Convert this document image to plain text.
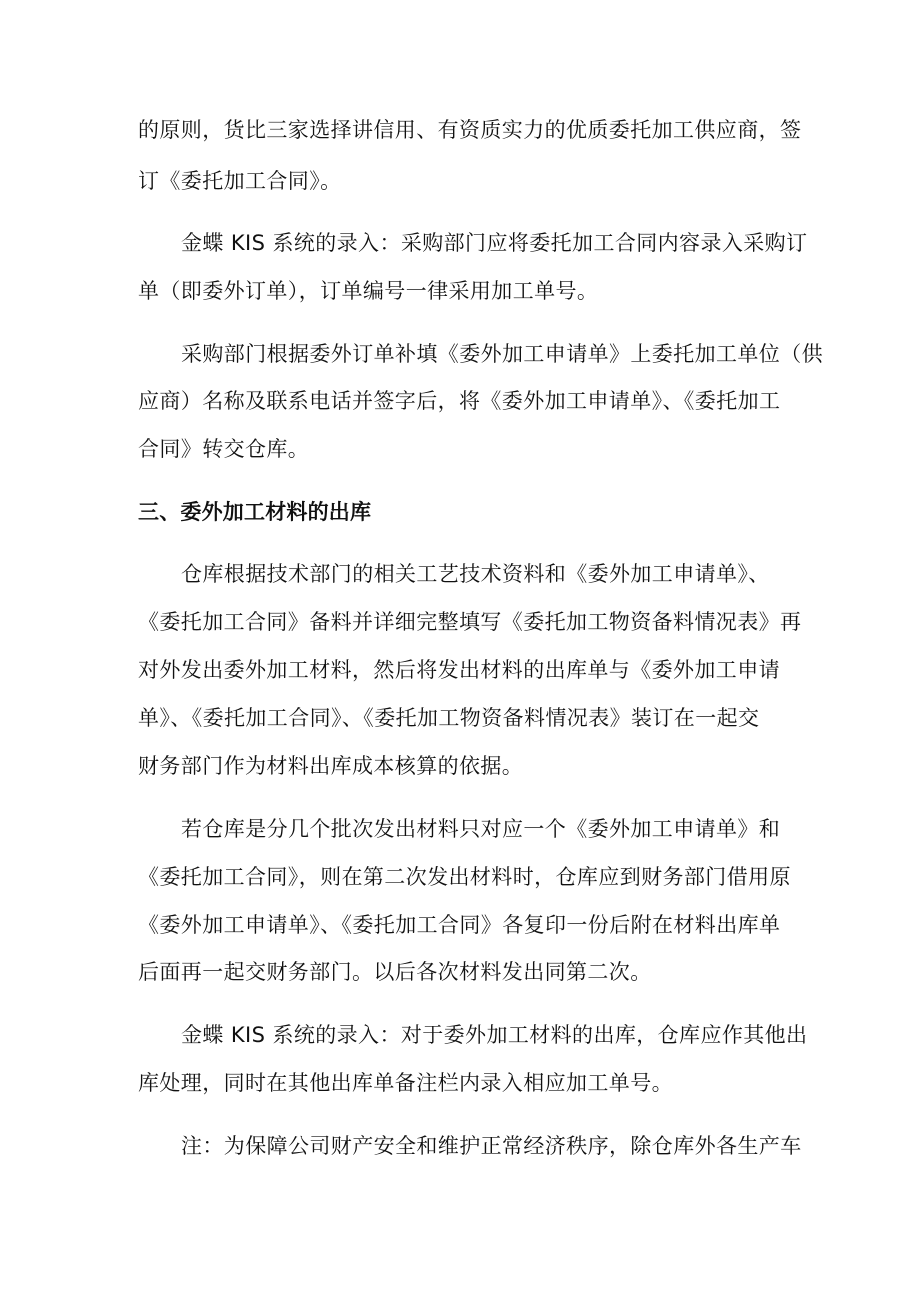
的原则，货比三家选择讲信用、有资质实力的优质委托加工供应商，签
订《委托加工合同》。
金蝶 KIS 系统的录入：采购部门应将委托加工合同内容录入采购订
单（即委外订单），订单编号一律采用加工单号。
采购部门根据委外订单补填《委外加工申请单》上委托加工单位（供
应商）名称及联系电话并签字后，将《委外加工申请单》、《委托加工
合同》转交仓库。
三、委外加工材料的出库
仓库根据技术部门的相关工艺技术资料和《委外加工申请单》、
《委托加工合同》备料并详细完整填写《委托加工物资备料情况表》再
对外发出委外加工材料，然后将发出材料的出库单与《委外加工申请
单》、《委托加工合同》、《委托加工物资备料情况表》装订在一起交
财务部门作为材料出库成本核算的依据。
若仓库是分几个批次发出材料只对应一个《委外加工申请单》和
《委托加工合同》，则在第二次发出材料时，仓库应到财务部门借用原
《委外加工申请单》、《委托加工合同》各复印一份后附在材料出库单
后面再一起交财务部门。以后各次材料发出同第二次。
金蝶 KIS 系统的录入：对于委外加工材料的出库，仓库应作其他出
库处理，同时在其他出库单备注栏内录入相应加工单号。
注：为保障公司财产安全和维护正常经济秩序，除仓库外各生产车
